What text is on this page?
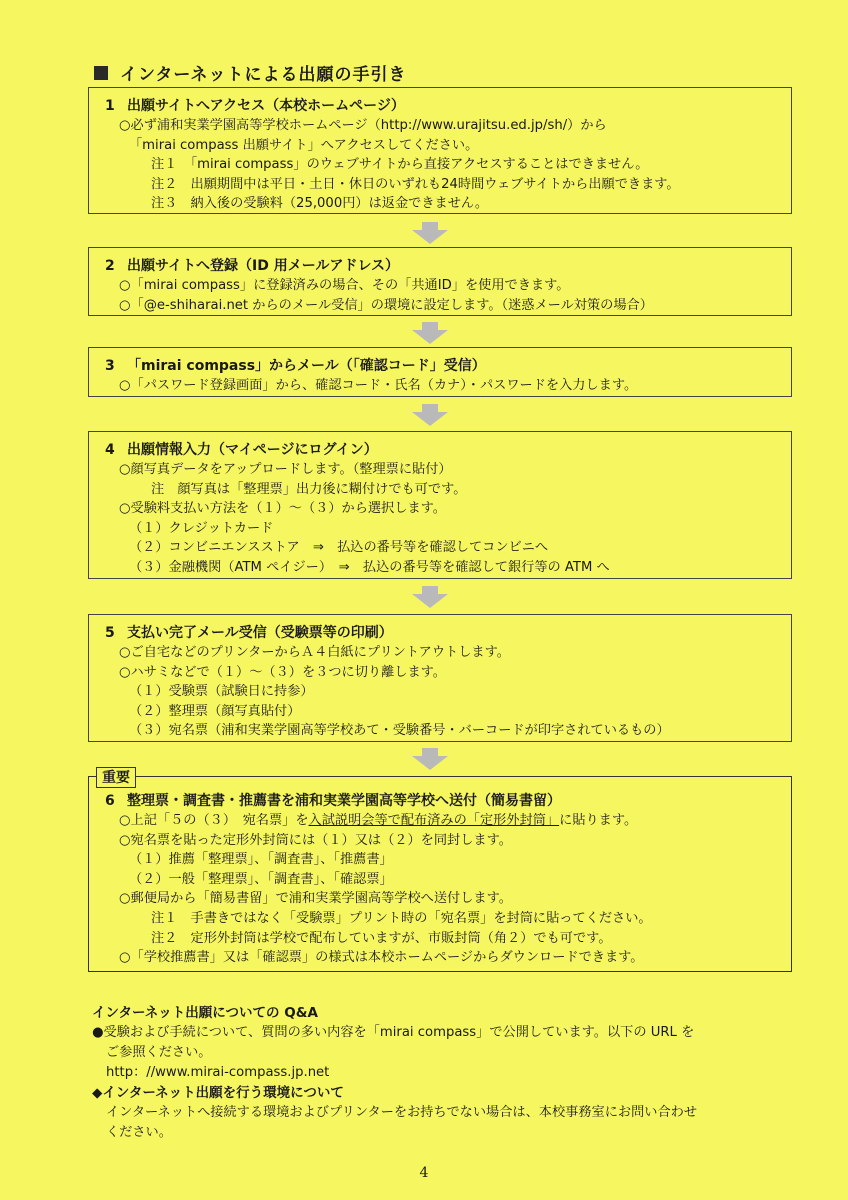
インターネットによる出願の手引き
1 出願サイトへアクセス（本校ホームページ）
○必ず浦和実業学園高等学校ホームページ（http://www.urajitsu.ed.jp/sh/）から
「mirai compass 出願サイト」へアクセスしてください。
注１　「mirai compass」のウェブサイトから直接アクセスすることはできません。
注２　出願期間中は平日・土日・休日のいずれも24時間ウェブサイトから出願できます。
注３　納入後の受験料（25,000円）は返金できません。
2 出願サイトへ登録（ID 用メールアドレス）
○「mirai compass」に登録済みの場合、その「共通ID」を使用できます。
○「@e-shiharai.net からのメール受信」の環境に設定します。（迷惑メール対策の場合）
3 「mirai compass」からメール（「確認コード」受信）
○「パスワード登録画面」から、確認コード・氏名（カナ）・パスワードを入力します。
4 出願情報入力（マイページにログイン）
○顔写真データをアップロードします。（整理票に貼付）
注　顔写真は「整理票」出力後に糊付けでも可です。
○受験料支払い方法を（１）～（３）から選択します。
（１）クレジットカード
（２）コンビニエンスストア　⇒　払込の番号等を確認してコンビニへ
（３）金融機関（ATM ペイジー）　⇒　払込の番号等を確認して銀行等の ATM へ
5 支払い完了メール受信（受験票等の印刷）
○ご自宅などのプリンターからＡ４白紙にプリントアウトします。
○ハサミなどで（１）～（３）を３つに切り離します。
（１）受験票（試験日に持参）
（２）整理票（顔写真貼付）
（３）宛名票（浦和実業学園高等学校あて・受験番号・バーコードが印字されているもの）
6 整理票・調査書・推薦書を浦和実業学園高等学校へ送付（簡易書留）
○上記「５の（３）　宛名票」を入試説明会等で配布済みの「定形外封筒」に貼ります。
○宛名票を貼った定形外封筒には（１）又は（２）を同封します。
（１）推薦「整理票」、「調査書」、「推薦書」
（２）一般「整理票」、「調査書」、「確認票」
○郵便局から「簡易書留」で浦和実業学園高等学校へ送付します。
注１　手書きではなく「受験票」プリント時の「宛名票」を封筒に貼ってください。
注２　定形外封筒は学校で配布していますが、市販封筒（角２）でも可です。
○「学校推薦書」又は「確認票」の様式は本校ホームページからダウンロードできます。
重要
インターネット出願についての Q&A
●受験および手続について、質問の多い内容を「mirai compass」で公開しています。以下の URL を
ご参照ください。
http：//www.mirai-compass.jp.net
◆インターネット出願を行う環境について
インターネットへ接続する環境およびプリンターをお持ちでない場合は、本校事務室にお問い合わせ
ください。
4
